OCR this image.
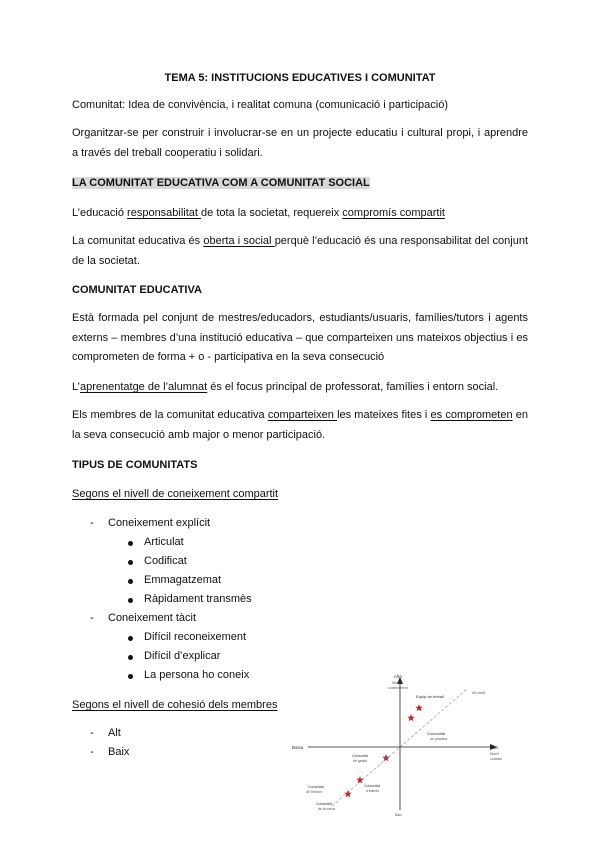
TEMA 5: INSTITUCIONS EDUCATIVES I COMUNITAT
Comunitat: Idea de convivència, i realitat comuna (comunicació i participació)
Organitzar-se per construir i involucrar-se en un projecte educatiu i cultural propi, i aprendre a través del treball cooperatiu i solidari.
LA COMUNITAT EDUCATIVA COM A COMUNITAT SOCIAL
L’educació responsabilitat de tota la societat, requereix compromís compartit
La comunitat educativa és oberta i social perquè l’educació és una responsabilitat del conjunt de la societat.
COMUNITAT EDUCATIVA
Està formada pel conjunt de mestres/educadors, estudiants/usuaris, famílies/tutors i agents externs – membres d’una institució educativa – que comparteixen uns mateixos objectius i es comprometen de forma + o - participativa en la seva consecució
L’aprenentatge de l’alumnat és el focus principal de professorat, famílies i entorn social.
Els membres de la comunitat educativa comparteixen les mateixes fites i es comprometen en la seva consecució amb major o menor participació.
TIPUS DE COMUNITATS
Segons el nivell de coneixement compartit
- Coneixement explícit
Articulat
Codificat
Emmagatzemat
Ràpidament transmès
- Coneixement tàcit
Difícil reconeixement
Difícil d’explicar
La persona ho coneix
Segons el nivell de cohesió dels membres
- Alt
- Baix
Alta
Nivell
coneixement
Baix
Baixa	Alta
Nivell
cohesió
Alt nivell
Equip de treball
Comunitat
de pràctica
Comunitat
de gestió
Comunitat
d’interès
Comunitat
de l’entorn
Comunitat
de la xarxa	Baix nivell
